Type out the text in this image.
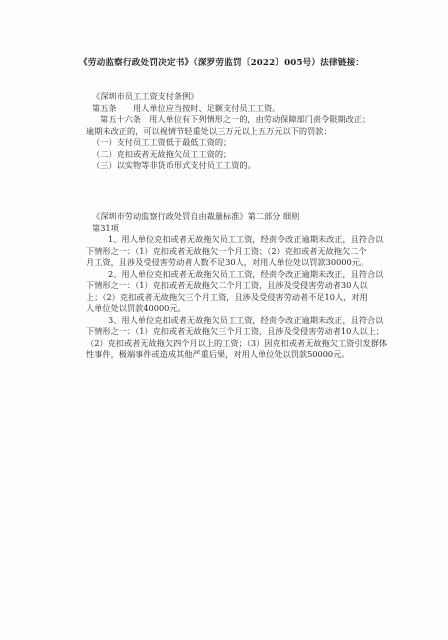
《劳动监察行政处罚决定书》（深罗劳监罚〔2022〕005号）法律链接：
《深圳市员工工资支付条例》
第五条　　用人单位应当按时、足额支付员工工资。
第五十六条　用人单位有下列情形之一的，由劳动保障部门责令限期改正；
逾期未改正的，可以视情节轻重处以三万元以上五万元以下的罚款：
（一）支付员工工资低于最低工资的；
（二）克扣或者无故拖欠员工工资的；
（三）以实物等非货币形式支付员工工资的。
《深圳市劳动监察行政处罚自由裁量标准》第二部分 细则
第31项
1、用人单位克扣或者无故拖欠员工工资，经责令改正逾期未改正，且符合以
下情形之一：（1）克扣或者无故拖欠一个月工资；（2）克扣或者无故拖欠二个
月工资，且涉及受侵害劳动者人数不足30人，对用人单位处以罚款30000元。
2、用人单位克扣或者无故拖欠员工工资，经责令改正逾期未改正，且符合以
下情形之一：（1）克扣或者无故拖欠二个月工资，且涉及受侵害劳动者30人以
上；（2）克扣或者无故拖欠三个月工资，且涉及受侵害劳动者不足10人，对用
人单位处以罚款40000元。
3、用人单位克扣或者无故拖欠员工工资，经责令改正逾期未改正，且符合以
下情形之一：（1）克扣或者无故拖欠三个月工资，且涉及受侵害劳动者10人以上；
（2）克扣或者无故拖欠四个月以上的工资；（3）因克扣或者无故拖欠工资引发群体
性事件，极端事件或造成其他严重后果，对用人单位处以罚款50000元。
